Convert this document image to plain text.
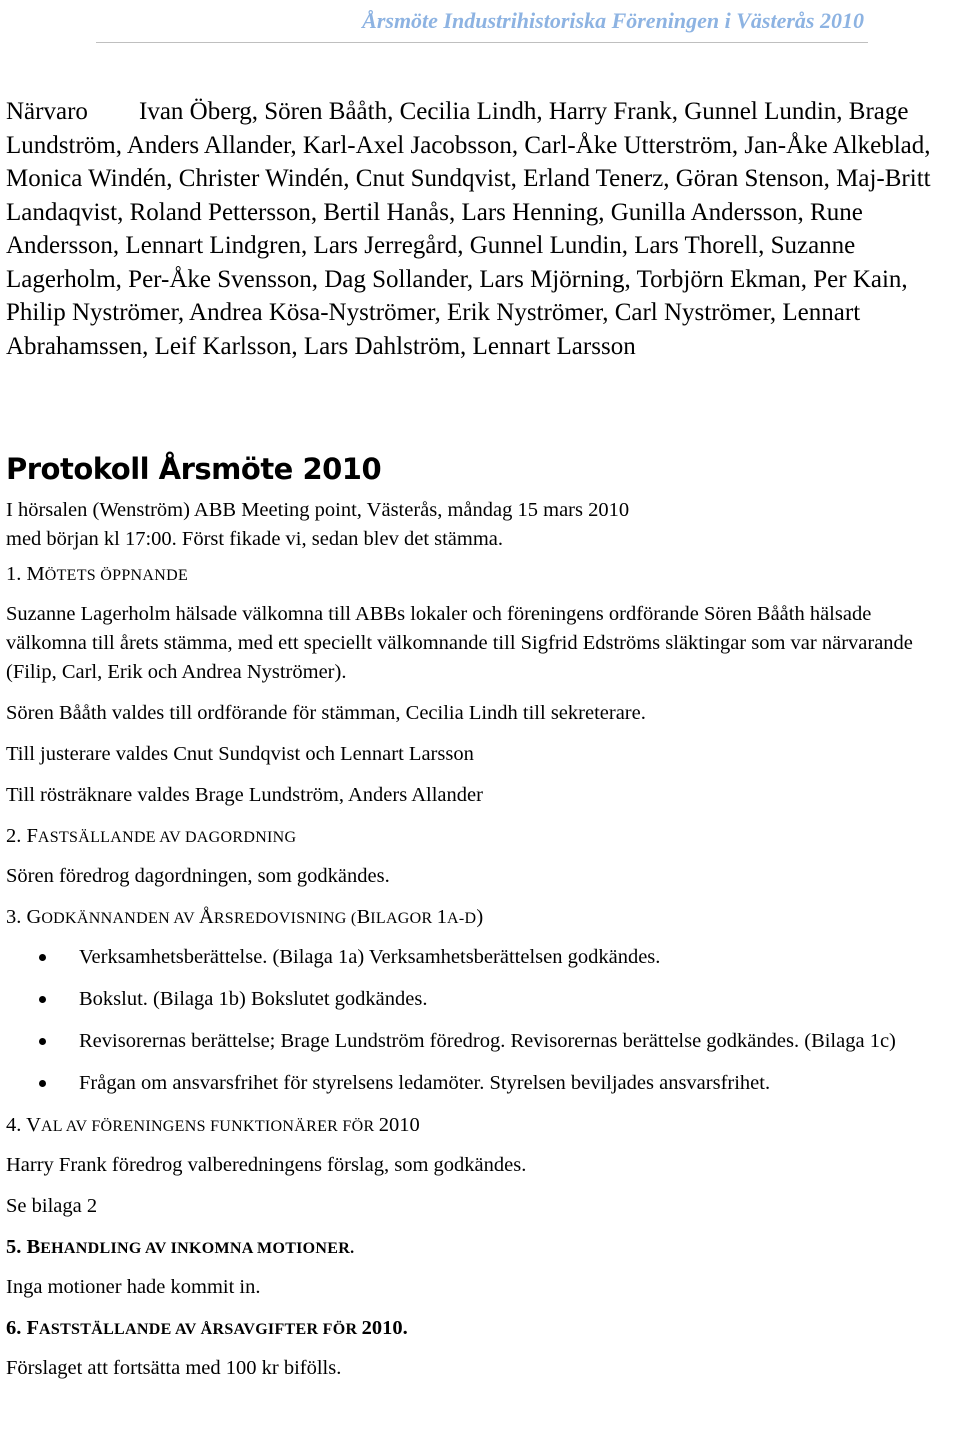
Årsmöte Industrihistoriska Föreningen i Västerås 2010
Närvaro Ivan Öberg, Sören Bååth, Cecilia Lindh, Harry Frank, Gunnel Lundin, Brage Lundström, Anders Allander, Karl-Axel Jacobsson, Carl-Åke Utterström, Jan-Åke Alkeblad, Monica Windén, Christer Windén, Cnut Sundqvist, Erland Tenerz, Göran Stenson, Maj-Britt Landaqvist, Roland Pettersson, Bertil Hanås, Lars Henning, Gunilla Andersson, Rune Andersson, Lennart Lindgren, Lars Jerregård, Gunnel Lundin, Lars Thorell, Suzanne Lagerholm, Per-Åke Svensson, Dag Sollander, Lars Mjörning, Torbjörn Ekman, Per Kain, Philip Nyströmer, Andrea Kösa-Nyströmer, Erik Nyströmer, Carl Nyströmer, Lennart Abrahamssen, Leif Karlsson, Lars Dahlström, Lennart Larsson
Protokoll Årsmöte 2010
I hörsalen (Wenström) ABB Meeting point, Västerås, måndag 15 mars 2010
med början kl 17:00. Först fikade vi, sedan blev det stämma.
1. MÖTETS ÖPPNANDE
Suzanne Lagerholm hälsade välkomna till ABBs lokaler och föreningens ordförande Sören Bååth hälsade välkomna till årets stämma, med ett speciellt välkomnande till Sigfrid Edströms släktingar som var närvarande (Filip, Carl, Erik och Andrea Nyströmer).
Sören Bååth valdes till ordförande för stämman, Cecilia Lindh till sekreterare.
Till justerare valdes Cnut Sundqvist och Lennart Larsson
Till rösträknare valdes Brage Lundström, Anders Allander
2. FASTSÄLLANDE AV DAGORDNING
Sören föredrog dagordningen, som godkändes.
3. GODKÄNNANDEN AV ÅRSREDOVISNING (BILAGOR 1A-D)
Verksamhetsberättelse. (Bilaga 1a) Verksamhetsberättelsen godkändes.
Bokslut. (Bilaga 1b) Bokslutet godkändes.
Revisorernas berättelse; Brage Lundström föredrog. Revisorernas berättelse godkändes. (Bilaga 1c)
Frågan om ansvarsfrihet för styrelsens ledamöter. Styrelsen beviljades ansvarsfrihet.
4. VAL AV FÖRENINGENS FUNKTIONÄRER FÖR 2010
Harry Frank föredrog valberedningens förslag, som godkändes.
Se bilaga 2
5. BEHANDLING AV INKOMNA MOTIONER.
Inga motioner hade kommit in.
6. FASTSTÄLLANDE AV ÅRSAVGIFTER FÖR 2010.
Förslaget att fortsätta med 100 kr bifölls.
